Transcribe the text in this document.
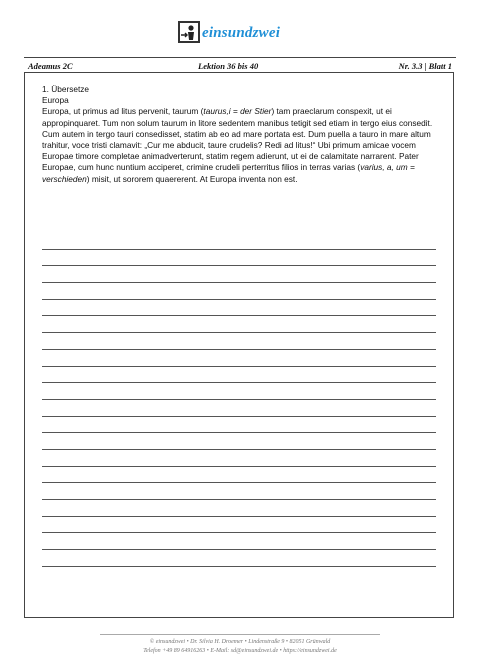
einsundzwei
Adeamus 2C	Lektion 36 bis 40	Nr. 3.3 | Blatt 1
1. Übersetze
Europa
Europa, ut primus ad litus pervenit, taurum (taurus,i = der Stier) tam praeclarum conspexit, ut ei appropinquaret. Tum non solum taurum in litore sedentem manibus tetigit sed etiam in tergo eius consedit. Cum autem in tergo tauri consedisset, statim ab eo ad mare portata est. Dum puella a tauro in mare altum trahitur, voce tristi clamavit: „Cur me abducit, taure crudelis? Redi ad litus!“ Ubi primum amicae vocem Europae timore completae animadverterunt, statim regem adierunt, ut ei de calamitate narrarent. Pater Europae, cum hunc nuntium acciperet, crimine crudeli perterritus filios in terras varias (varius, a, um = verschieden) misit, ut sororem quaererent. At Europa inventa non est.
© einsundzwei • Dr. Silvia H. Droemer • Lindenstraße 9 • 82051 Grünwald
Telefon +49 89 64916263 • E-Mail: sd@einsundzwei.de • https://einsundzwei.de
